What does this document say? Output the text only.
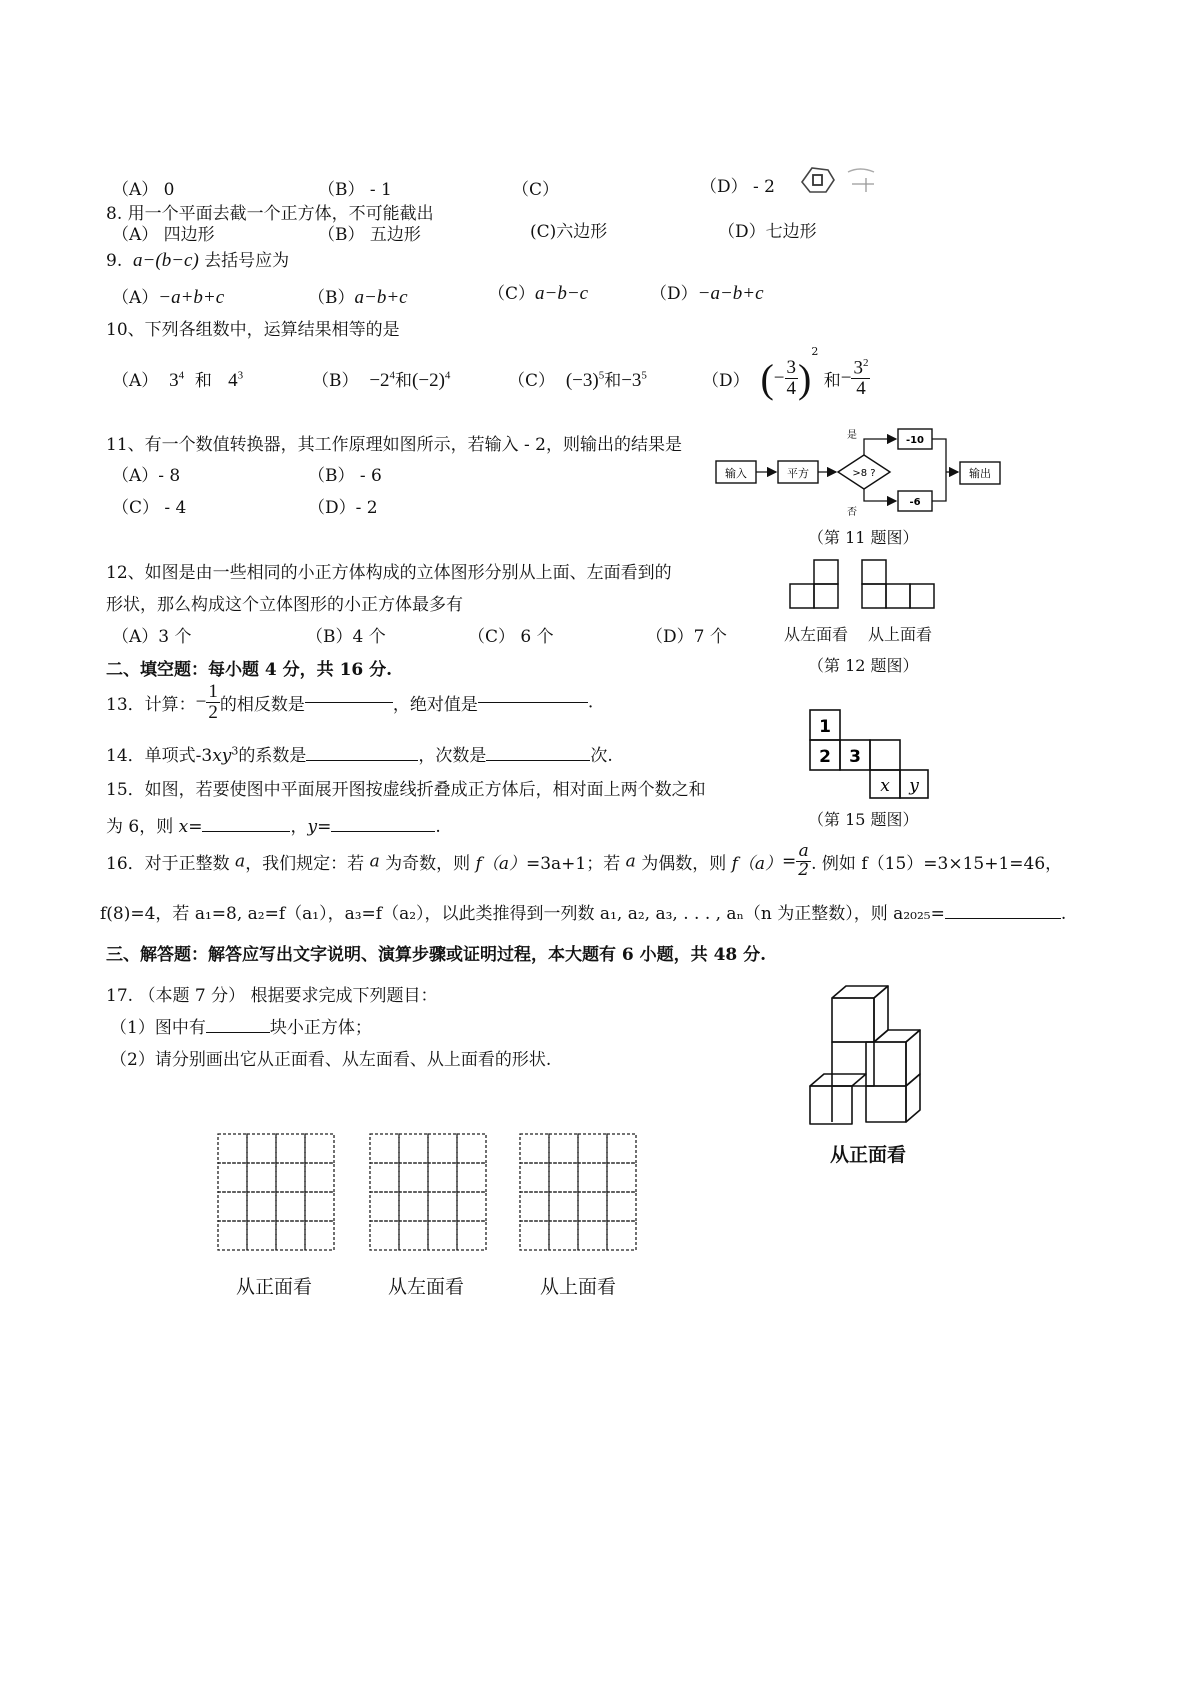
（A） 0	（B） - 1	（C）	（D） - 2
8. 用一个平面去截一个正方体，不可能截出
（A） 四边形	（B） 五边形	(C)六边形	（D）七边形
9. a−(b−c) 去括号应为
（A）−a+b+c	（B）a−b+c	（C）a−b−c	（D）−a−b+c
10、下列各组数中，运算结果相等的是
（A） $3^4$ 和 $4^3$	$(B) -2^4$和$(-2)^4$	（C） $(-3)^5$和$-3^5$	（D） (− $\frac{3}{4} )^2$ 和− $\frac{3^2}{4}$
11、有一个数值转换器，其工作原理如图所示，若输入 - 2，则输出的结果是
（A）- 8	（B） - 6
（C） - 4	（D）- 2
输入	平方	>8 ?
是
否
-10
-6
输出
（第 11 题图）
12、如图是由一些相同的小正方体构成的立体图形分别从上面、左面看到的
形状，那么构成这个立体图形的小正方体最多有
（A）3 个	（B）4 个	（C） 6 个	（D）7 个	从左面看 从上面看
（第 12 题图）
二、填空题：每小题 4 分，共 16 分.
13．计算：− $\frac{1}{2}$ 的相反数是	，绝对值是	.
14．单项式$-3xy^3$的系数是	，次数是	次.
15．如图，若要使图中平面展开图按虚线折叠成正方体后，相对面上两个数之和
为 6，则 x=	，y=	.
1
2 3
x y
（第 15 题图）
16．对于正整数 a，我们规定：若 a 为奇数，则 f（a）=3a+1；若 a 为偶数，则 $f(a)= \frac{a}{2}$ . 例如 f（15）=3×15+1=46，
f(8)=4，若 a₁=8, a₂=f（a₁），a₃=f（a₂），以此类推得到一列数 a₁, a₂, a₃, . . . , aₙ（n 为正整数），则 a₂₀₂₅=	.
三、解答题：解答应写出文字说明、演算步骤或证明过程，本大题有 6 小题，共 48 分.
17. （本题 7 分） 根据要求完成下列题目：
（1）图中有	块小正方体；
（2）请分别画出它从正面看、从左面看、从上面看的形状.
从正面看
从正面看	从左面看	从上面看
